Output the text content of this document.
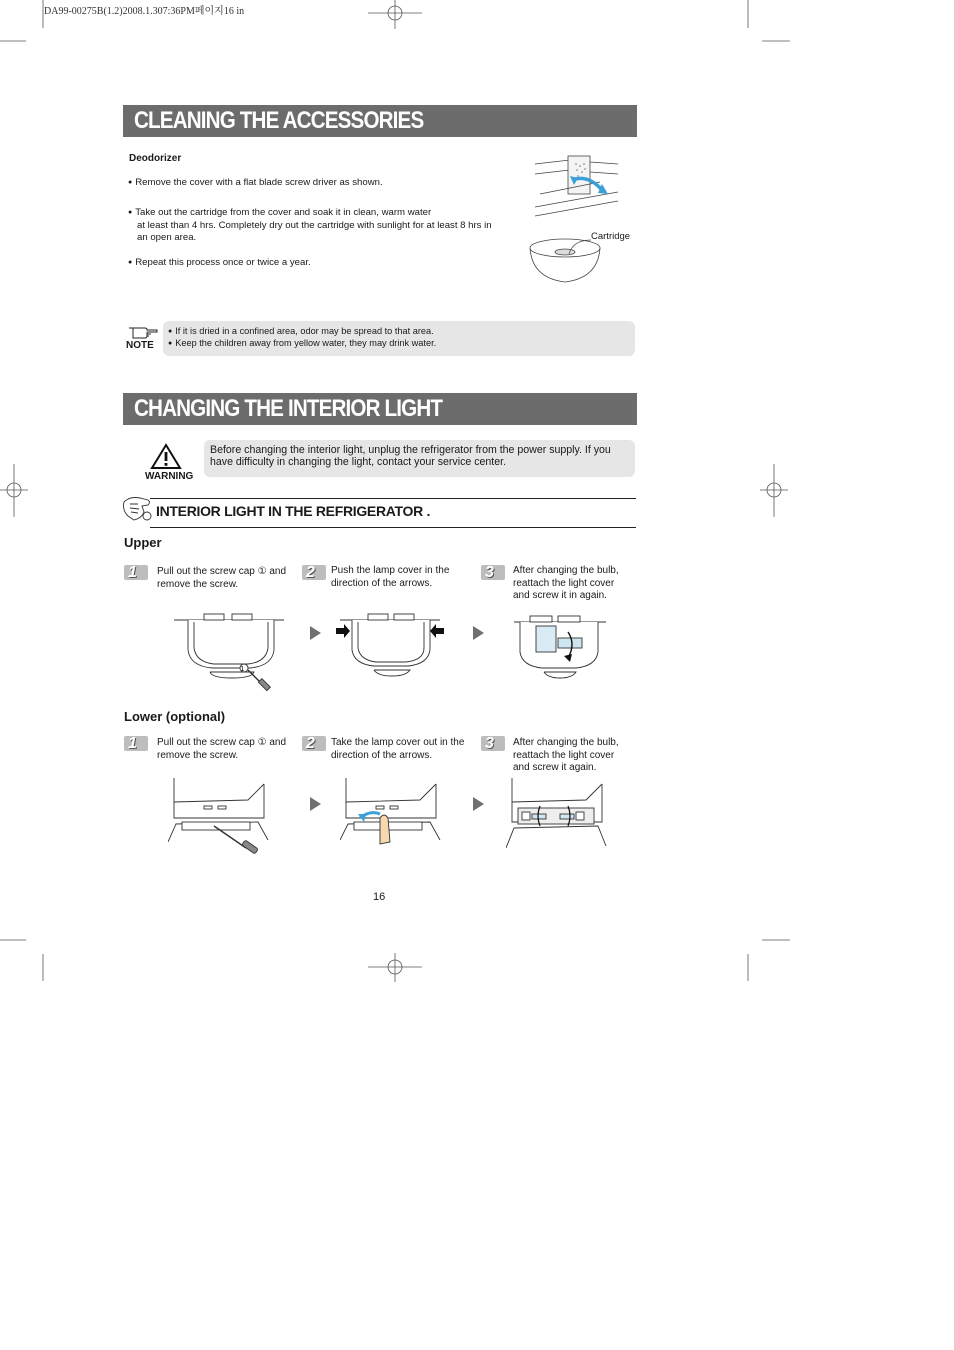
DA99-00275B(1.2)2008.1.307:36PM페이지16 in
CLEANING THE ACCESSORIES
Deodorizer
● Remove the cover with a flat blade screw driver as shown.
● Take out the cartridge from the cover and soak it in clean, warm water
at least than 4 hrs. Completely dry out the cartridge with sunlight for at least 8 hrs in
an open area.
● Repeat this process once or twice a year.
Cartridge
NOTE
● If it is dried in a confined area, odor may be spread to that area.
● Keep the children away from yellow water, they may drink water.
CHANGING THE INTERIOR LIGHT
WARNING
Before changing the interior light, unplug the refrigerator from the power supply. If you
have difficulty in changing the light, contact your service center.
INTERIOR LIGHT IN THE REFRIGERATOR .
Upper
1	Pull out the screw cap ① and
remove the screw.
2	Push the lamp cover in the
direction of the arrows.
3	After changing the bulb,
reattach the light cover
and screw it in again.
1
Lower (optional)
1	Pull out the screw cap ① and
remove the screw.
2	Take the lamp cover out in the
direction of the arrows.
3	After changing the bulb,
reattach the light cover
and screw it again.
16
